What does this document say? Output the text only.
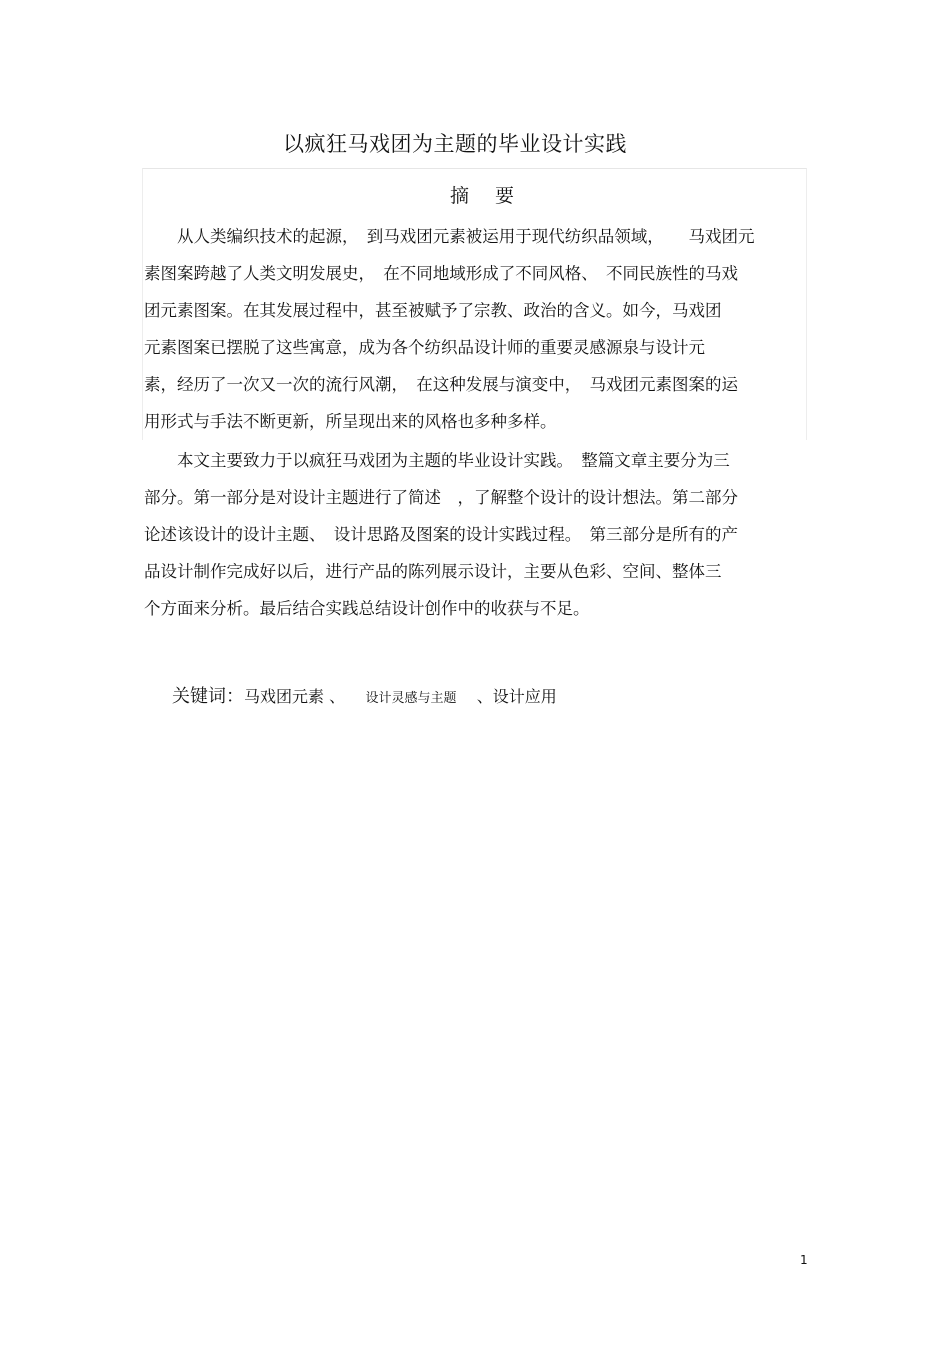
以疯狂马戏团为主题的毕业设计实践
摘 要
　　从人类编织技术的起源，　到马戏团元素被运用于现代纺织品领域，　　马戏团元
素图案跨越了人类文明发展史，　在不同地域形成了不同风格、　不同民族性的马戏
团元素图案。在其发展过程中，甚至被赋予了宗教、政治的含义。如今，马戏团
元素图案已摆脱了这些寓意，成为各个纺织品设计师的重要灵感源泉与设计元
素，经历了一次又一次的流行风潮，　在这种发展与演变中，　马戏团元素图案的运
用形式与手法不断更新，所呈现出来的风格也多种多样。
　　本文主要致力于以疯狂马戏团为主题的毕业设计实践。　整篇文章主要分为三
部分。第一部分是对设计主题进行了简述　，了解整个设计的设计想法。第二部分
论述该设计的设计主题、　设计思路及图案的设计实践过程。　第三部分是所有的产
品设计制作完成好以后，进行产品的陈列展示设计，主要从色彩、空间、整体三
个方面来分析。最后结合实践总结设计创作中的收获与不足。
关键词：马戏团元素 、 设计灵感与主题 、设计应用
1
